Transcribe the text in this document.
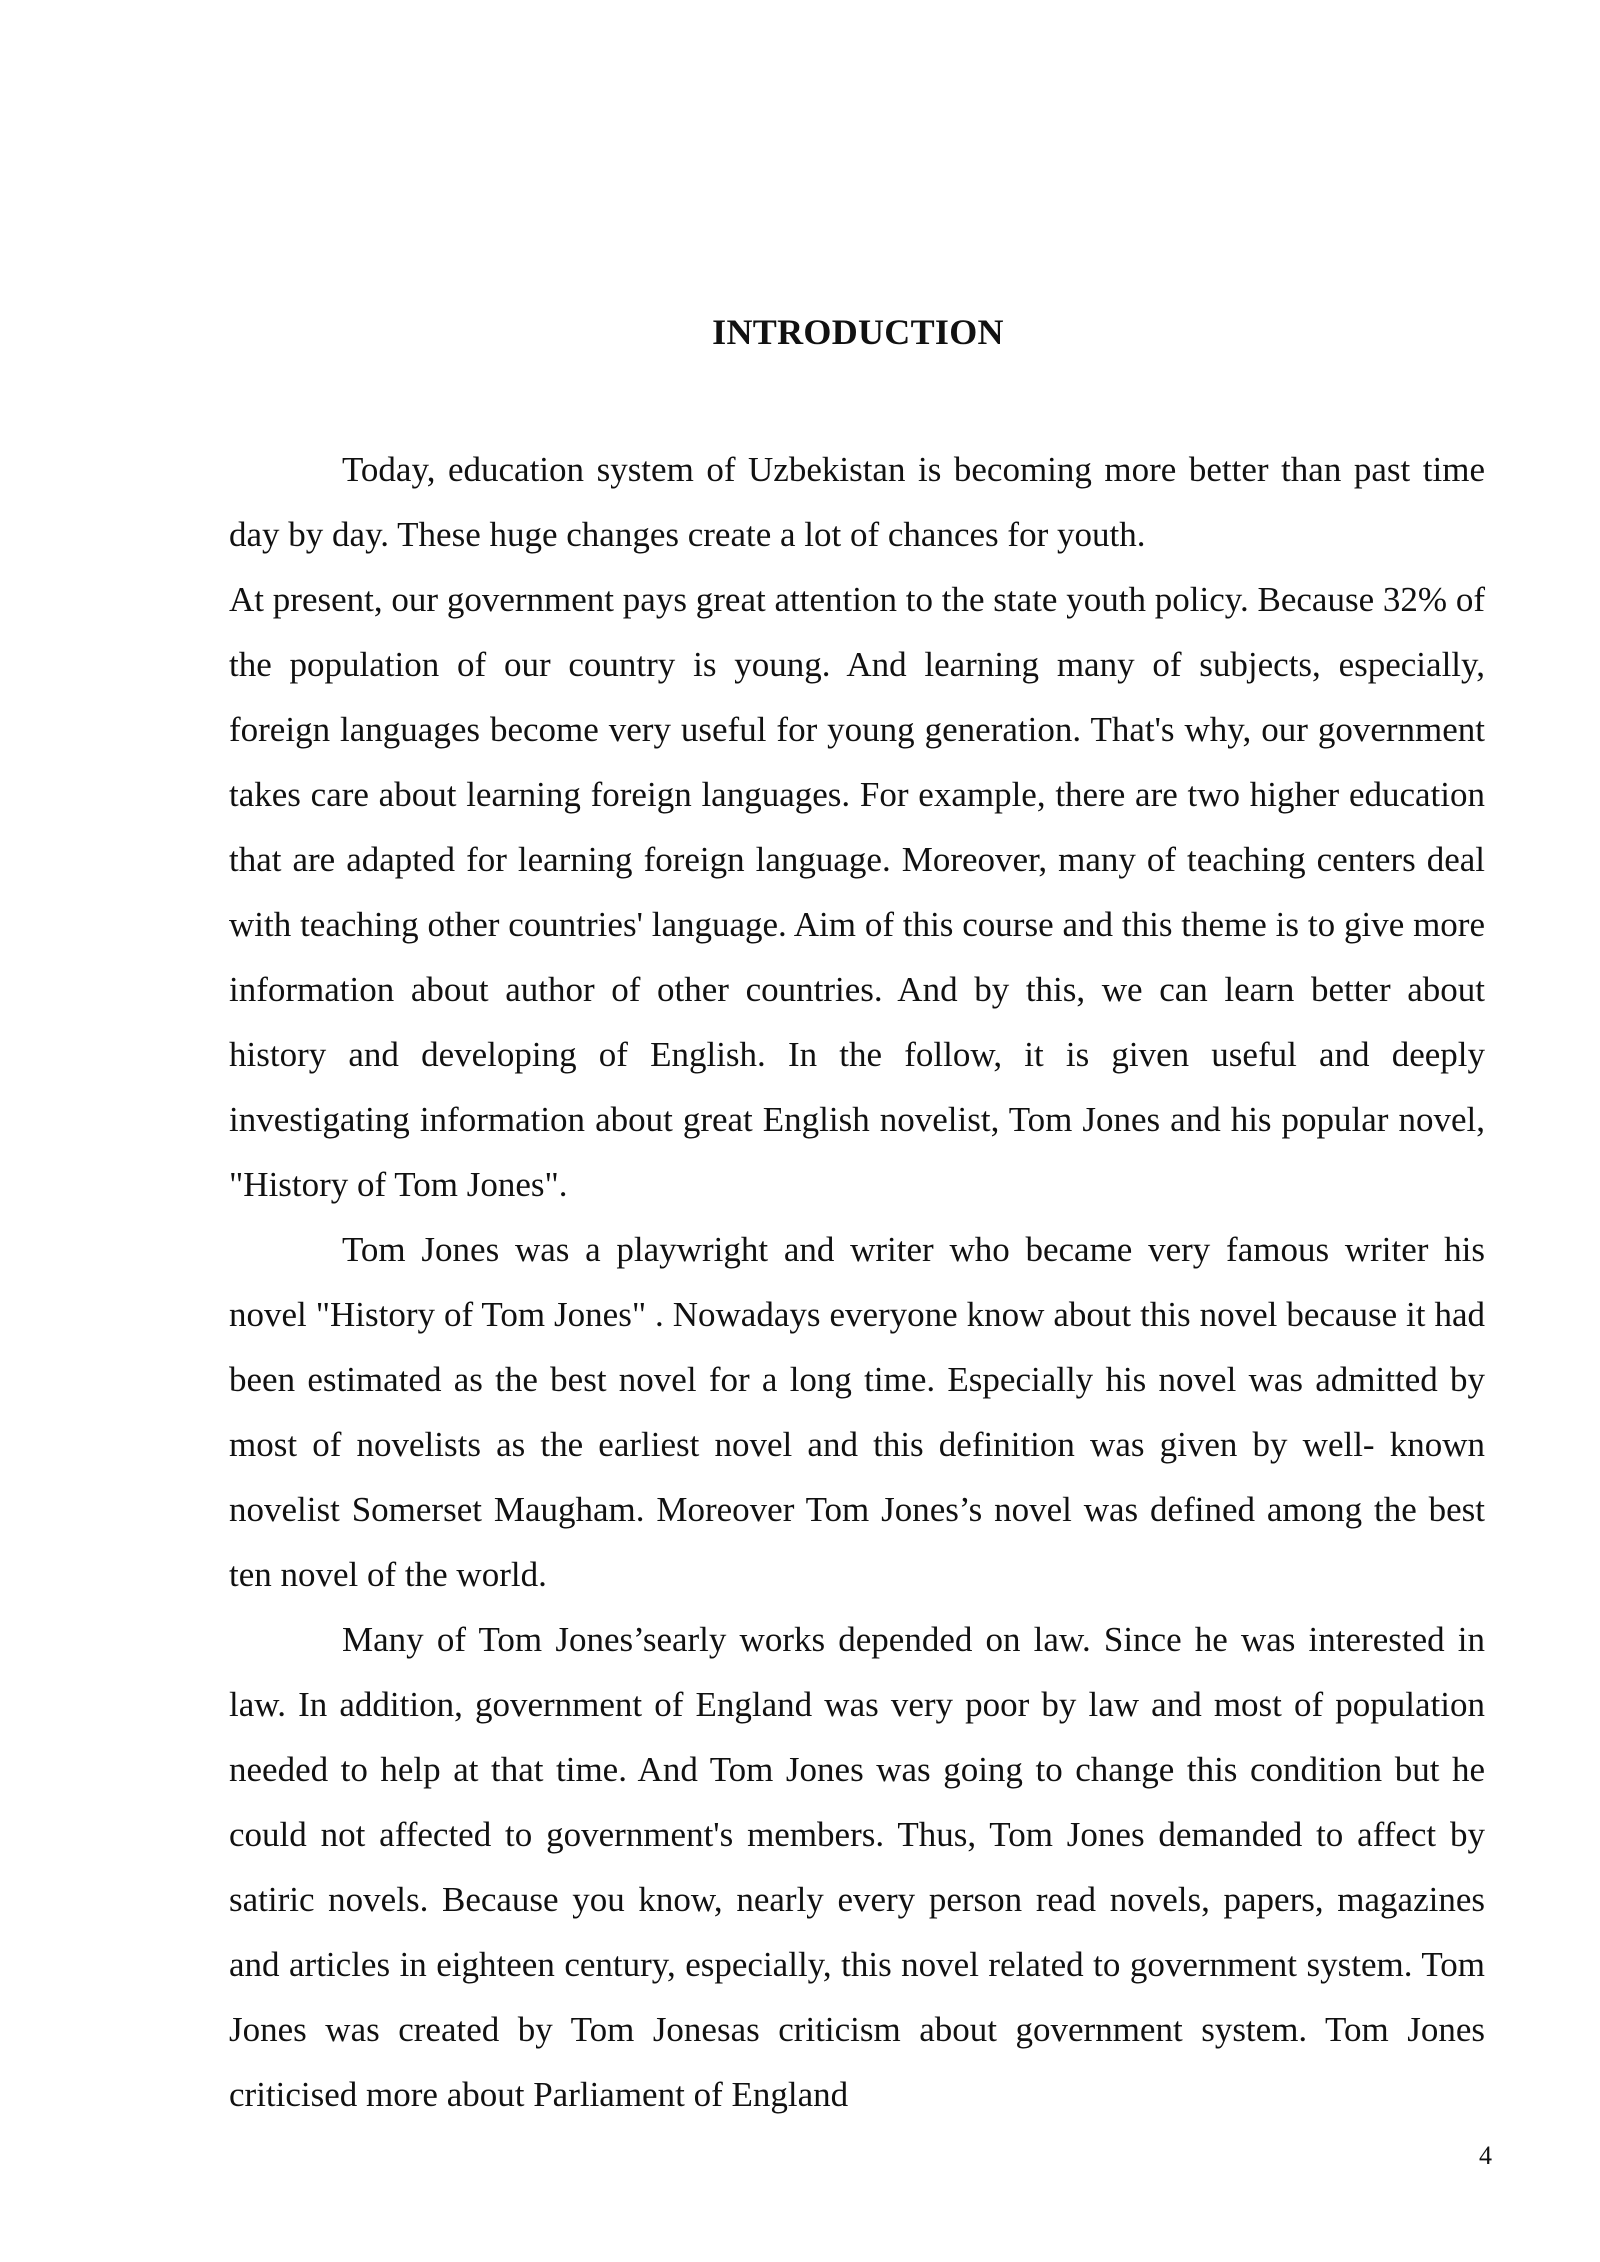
INTRODUCTION

Today, education system of Uzbekistan is becoming more better than past time day by day. These huge changes create a lot of chances for youth.

At present, our government pays great attention to the state youth policy. Because 32% of the population of our country is young. And learning many of subjects, especially, foreign languages become very useful for young generation. That's why, our government takes care about learning foreign languages. For example, there are two higher education that are adapted for learning foreign language. Moreover, many of teaching centers deal with teaching other countries' language. Aim of this course and this theme is to give more information about author of other countries. And by this, we can learn better about history and developing of English. In the follow, it is given useful and deeply investigating information about great English novelist, Tom Jones and his popular novel, "History of Tom Jones".

Tom Jones was a playwright and writer who became very famous writer his novel "History of Tom Jones" . Nowadays everyone know about this novel because it had been estimated as the best novel for a long time. Especially his novel was admitted by most of novelists as the earliest novel and this definition was given by well- known novelist Somerset Maugham. Moreover Tom Jones’s novel was defined among the best ten novel of the world.

Many of Tom Jones’searly works depended on law. Since he was interested in law. In addition, government of England was very poor by law and most of population needed to help at that time. And Tom Jones was going to change this condition but he could not affected to government's members. Thus, Tom Jones demanded to affect by satiric novels. Because you know, nearly every person read novels, papers, magazines and articles in eighteen century, especially, this novel related to government system. Tom Jones was created by Tom Jonesas criticism about government system. Tom Jones criticised more about Parliament of England

4
